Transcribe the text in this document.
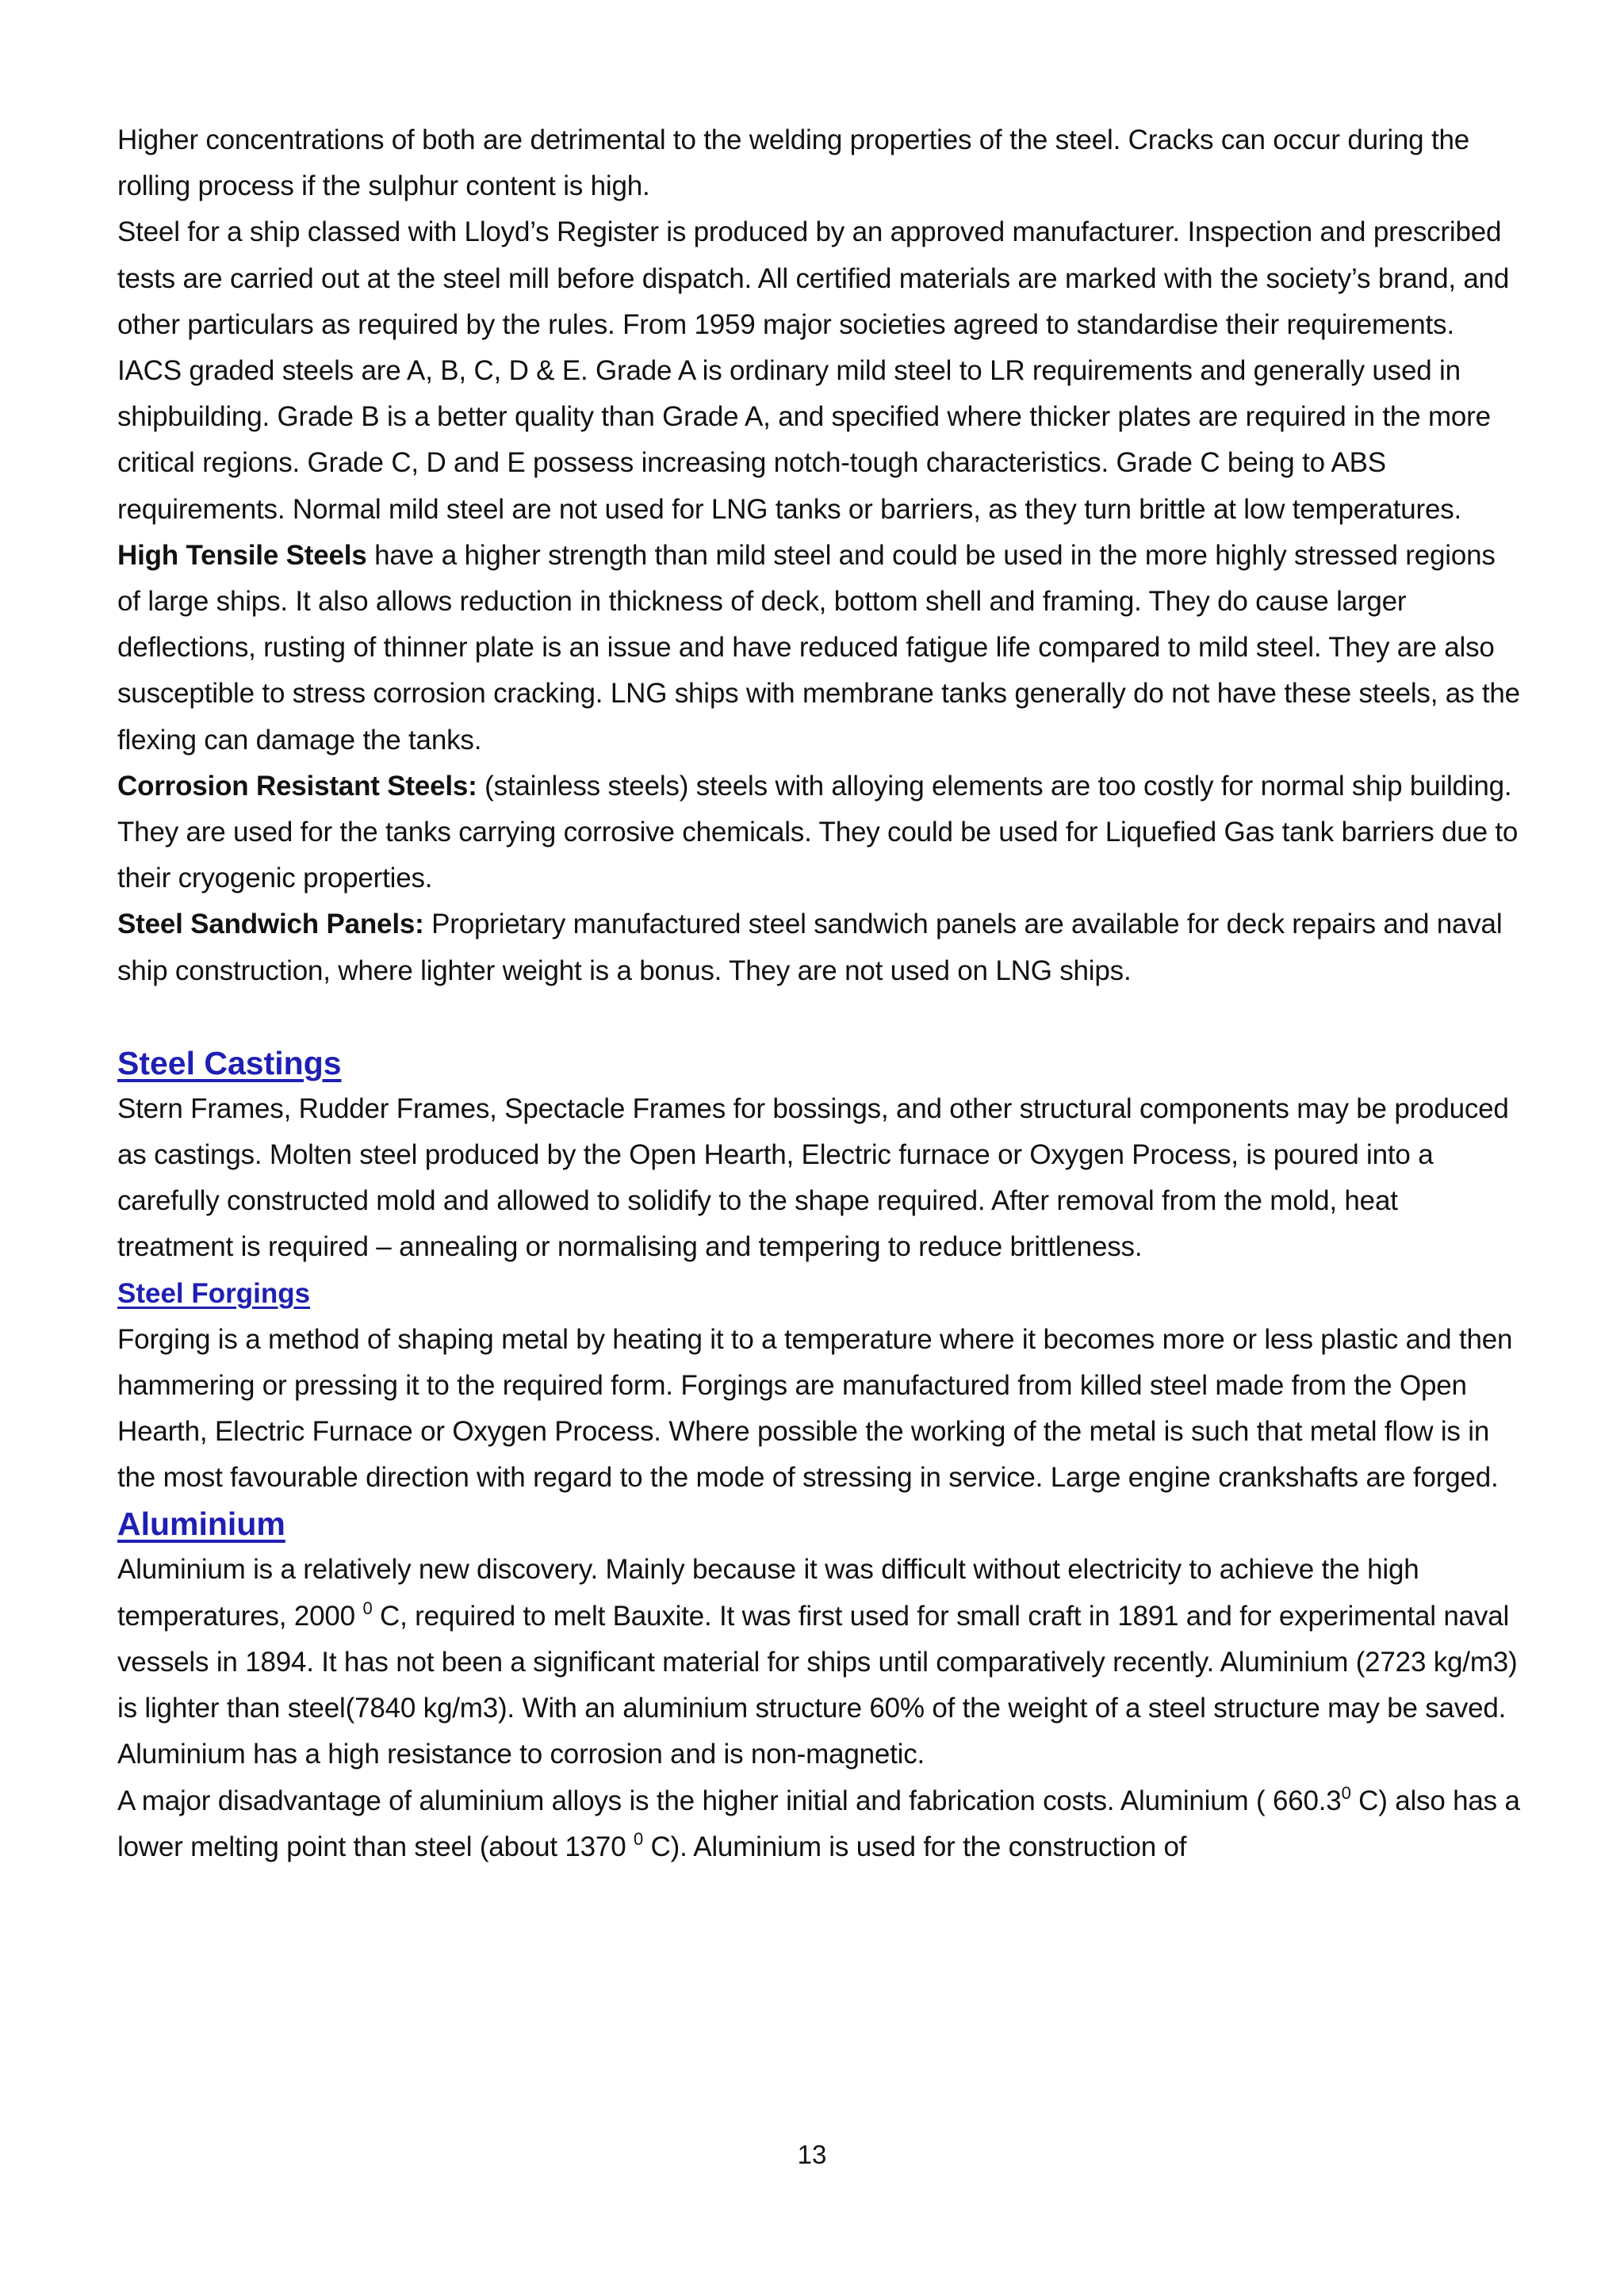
Higher concentrations of both are detrimental to the welding properties of the steel. Cracks can occur during the rolling process if the sulphur content is high.

Steel for a ship classed with Lloyd’s Register is produced by an approved manufacturer. Inspection and prescribed tests are carried out at the steel mill before dispatch. All certified materials are marked with the society’s brand, and other particulars as required by the rules. From 1959 major societies agreed to standardise their requirements. IACS graded steels are A, B, C, D & E. Grade A is ordinary mild steel to LR requirements and generally used in shipbuilding. Grade B is a better quality than Grade A, and specified where thicker plates are required in the more critical regions. Grade C, D and E possess increasing notch-tough characteristics. Grade C being to ABS requirements. Normal mild steel are not used for LNG tanks or barriers, as they turn brittle at low temperatures.

High Tensile Steels have a higher strength than mild steel and could be used in the more highly stressed regions of large ships. It also allows reduction in thickness of deck, bottom shell and framing. They do cause larger deflections, rusting of thinner plate is an issue and have reduced fatigue life compared to mild steel. They are also susceptible to stress corrosion cracking. LNG ships with membrane tanks generally do not have these steels, as the flexing can damage the tanks.

Corrosion Resistant Steels: (stainless steels) steels with alloying elements are too costly for normal ship building. They are used for the tanks carrying corrosive chemicals. They could be used for Liquefied Gas tank barriers due to their cryogenic properties.

Steel Sandwich Panels: Proprietary manufactured steel sandwich panels are available for deck repairs and naval ship construction, where lighter weight is a bonus. They are not used on LNG ships.

Steel Castings

Stern Frames, Rudder Frames, Spectacle Frames for bossings, and other structural components may be produced as castings. Molten steel produced by the Open Hearth, Electric furnace or Oxygen Process, is poured into a carefully constructed mold and allowed to solidify to the shape required. After removal from the mold, heat treatment is required – annealing or normalising and tempering to reduce brittleness.

Steel Forgings

Forging is a method of shaping metal by heating it to a temperature where it becomes more or less plastic and then hammering or pressing it to the required form. Forgings are manufactured from killed steel made from the Open Hearth, Electric Furnace or Oxygen Process. Where possible the working of the metal is such that metal flow is in the most favourable direction with regard to the mode of stressing in service. Large engine crankshafts are forged.

Aluminium

Aluminium is a relatively new discovery. Mainly because it was difficult without electricity to achieve the high temperatures, 2000 $^0$ C, required to melt Bauxite. It was first used for small craft in 1891 and for experimental naval vessels in 1894. It has not been a significant material for ships until comparatively recently. Aluminium (2723 kg/m3) is lighter than steel(7840 kg/m3). With an aluminium structure 60% of the weight of a steel structure may be saved. Aluminium has a high resistance to corrosion and is non-magnetic.

A major disadvantage of aluminium alloys is the higher initial and fabrication costs. Aluminium ( 660.3$^0$ C) also has a lower melting point than steel (about 1370 $^0$ C). Aluminium is used for the construction of

13
